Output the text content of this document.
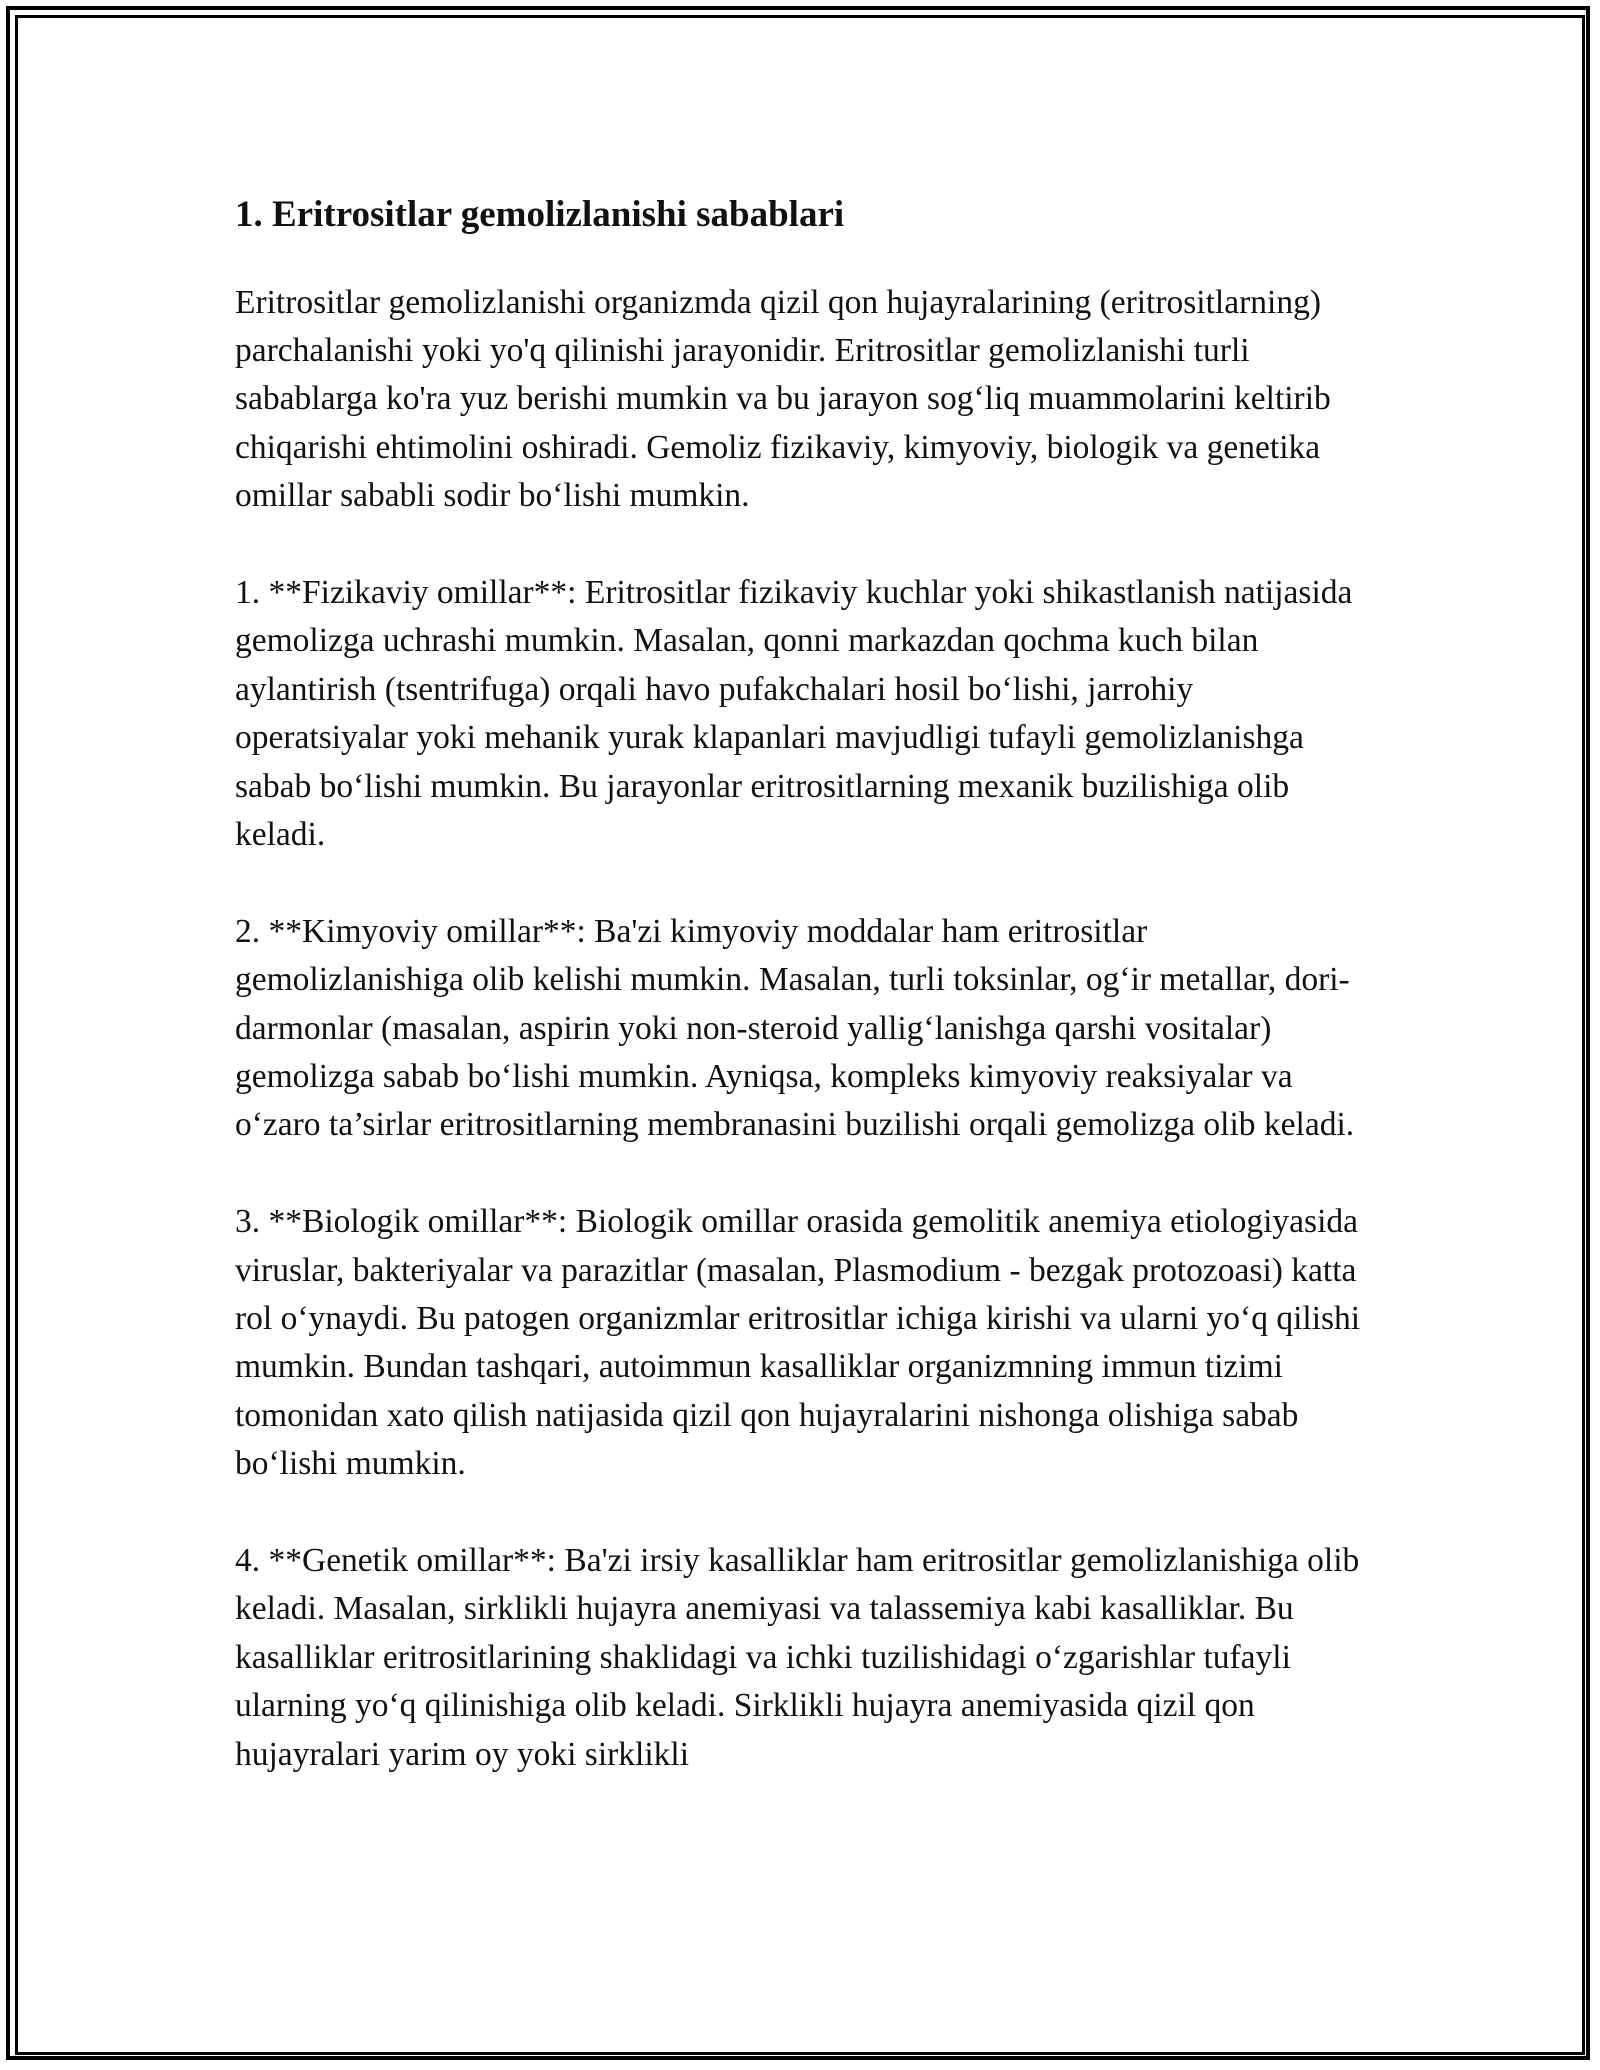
1. Eritrositlar gemolizlanishi sabablari

Eritrositlar gemolizlanishi organizmda qizil qon hujayralarining (eritrositlarning) parchalanishi yoki yo'q qilinishi jarayonidir. Eritrositlar gemolizlanishi turli sabablarga ko'ra yuz berishi mumkin va bu jarayon sog‘liq muammolarini keltirib chiqarishi ehtimolini oshiradi. Gemoliz fizikaviy, kimyoviy, biologik va genetika omillar sababli sodir bo‘lishi mumkin.

1. **Fizikaviy omillar**: Eritrositlar fizikaviy kuchlar yoki shikastlanish natijasida gemolizga uchrashi mumkin. Masalan, qonni markazdan qochma kuch bilan aylantirish (tsentrifuga) orqali havo pufakchalari hosil bo‘lishi, jarrohiy operatsiyalar yoki mehanik yurak klapanlari mavjudligi tufayli gemolizlanishga sabab bo‘lishi mumkin. Bu jarayonlar eritrositlarning mexanik buzilishiga olib keladi.

2. **Kimyoviy omillar**: Ba'zi kimyoviy moddalar ham eritrositlar gemolizlanishiga olib kelishi mumkin. Masalan, turli toksinlar, og‘ir metallar, dori-darmonlar (masalan, aspirin yoki non-steroid yallig‘lanishga qarshi vositalar) gemolizga sabab bo‘lishi mumkin. Ayniqsa, kompleks kimyoviy reaksiyalar va o‘zaro ta’sirlar eritrositlarning membranasini buzilishi orqali gemolizga olib keladi.

3. **Biologik omillar**: Biologik omillar orasida gemolitik anemiya etiologiyasida viruslar, bakteriyalar va parazitlar (masalan, Plasmodium - bezgak protozoasi) katta rol o‘ynaydi. Bu patogen organizmlar eritrositlar ichiga kirishi va ularni yo‘q qilishi mumkin. Bundan tashqari, autoimmun kasalliklar organizmning immun tizimi tomonidan xato qilish natijasida qizil qon hujayralarini nishonga olishiga sabab bo‘lishi mumkin.

4. **Genetik omillar**: Ba'zi irsiy kasalliklar ham eritrositlar gemolizlanishiga olib keladi. Masalan, sirklikli hujayra anemiyasi va talassemiya kabi kasalliklar. Bu kasalliklar eritrositlarining shaklidagi va ichki tuzilishidagi o‘zgarishlar tufayli ularning yo‘q qilinishiga olib keladi. Sirklikli hujayra anemiyasida qizil qon hujayralari yarim oy yoki sirklikli
